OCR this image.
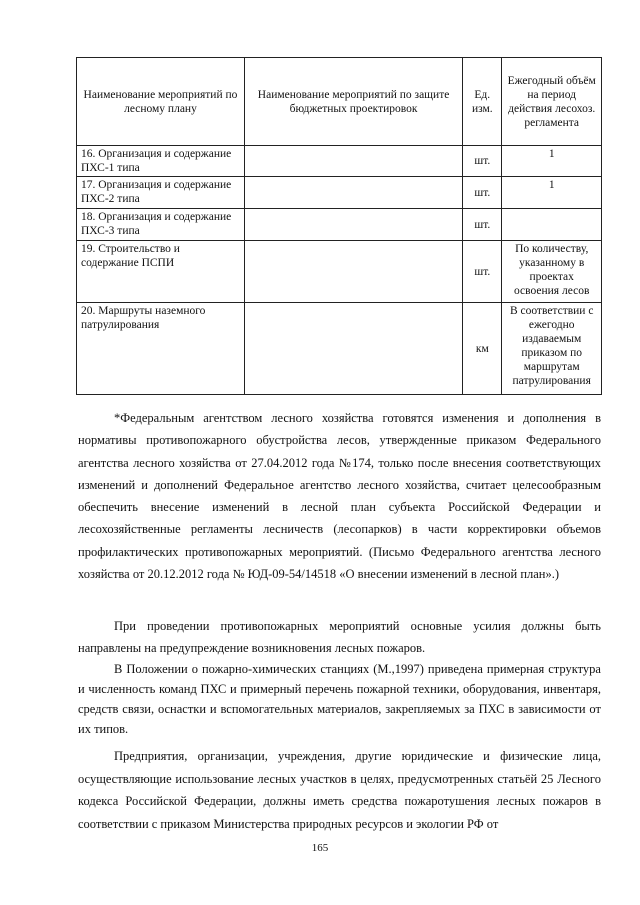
Наименование мероприятий по лесному плану	Наименование мероприятий по защите бюджетных проектировок	Ед. изм.	Ежегодный объём на период действия лесохоз. регламента
16. Организация и содержание ПХС-1 типа		шт.	1
17. Организация и содержание ПХС-2 типа		шт.	1
18. Организация и содержание ПХС-3 типа		шт.	
19. Строительство и содержание ПСПИ		шт.	По количеству, указанному в проектах освоения лесов
20. Маршруты наземного патрулирования		км	В соответствии с ежегодно издаваемым приказом по маршрутам патрулирования

*Федеральным агентством лесного хозяйства готовятся изменения и дополнения в нормативы противопожарного обустройства лесов, утвержденные приказом Федерального агентства лесного хозяйства от 27.04.2012 года №174, только после внесения соответствующих изменений и дополнений Федеральное агентство лесного хозяйства, считает целесообразным обеспечить внесение изменений в лесной план субъекта Российской Федерации и лесохозяйственные регламенты лесничеств (лесопарков) в части корректировки объемов профилактических противопожарных мероприятий. (Письмо Федерального агентства лесного хозяйства от 20.12.2012 года № ЮД-09-54/14518 «О внесении изменений в лесной план».)

При проведении противопожарных мероприятий основные усилия должны быть направлены на предупреждение возникновения лесных пожаров.

В Положении о пожарно-химических станциях (М.,1997) приведена примерная структура и численность команд ПХС и примерный перечень пожарной техники, оборудования, инвентаря, средств связи, оснастки и вспомогательных материалов, закрепляемых за ПХС в зависимости от их типов.

Предприятия, организации, учреждения, другие юридические и физические лица, осуществляющие использование лесных участков в целях, предусмотренных статьёй 25 Лесного кодекса Российской Федерации, должны иметь средства пожаротушения лесных пожаров в соответствии с приказом Министерства природных ресурсов и экологии РФ от

165
